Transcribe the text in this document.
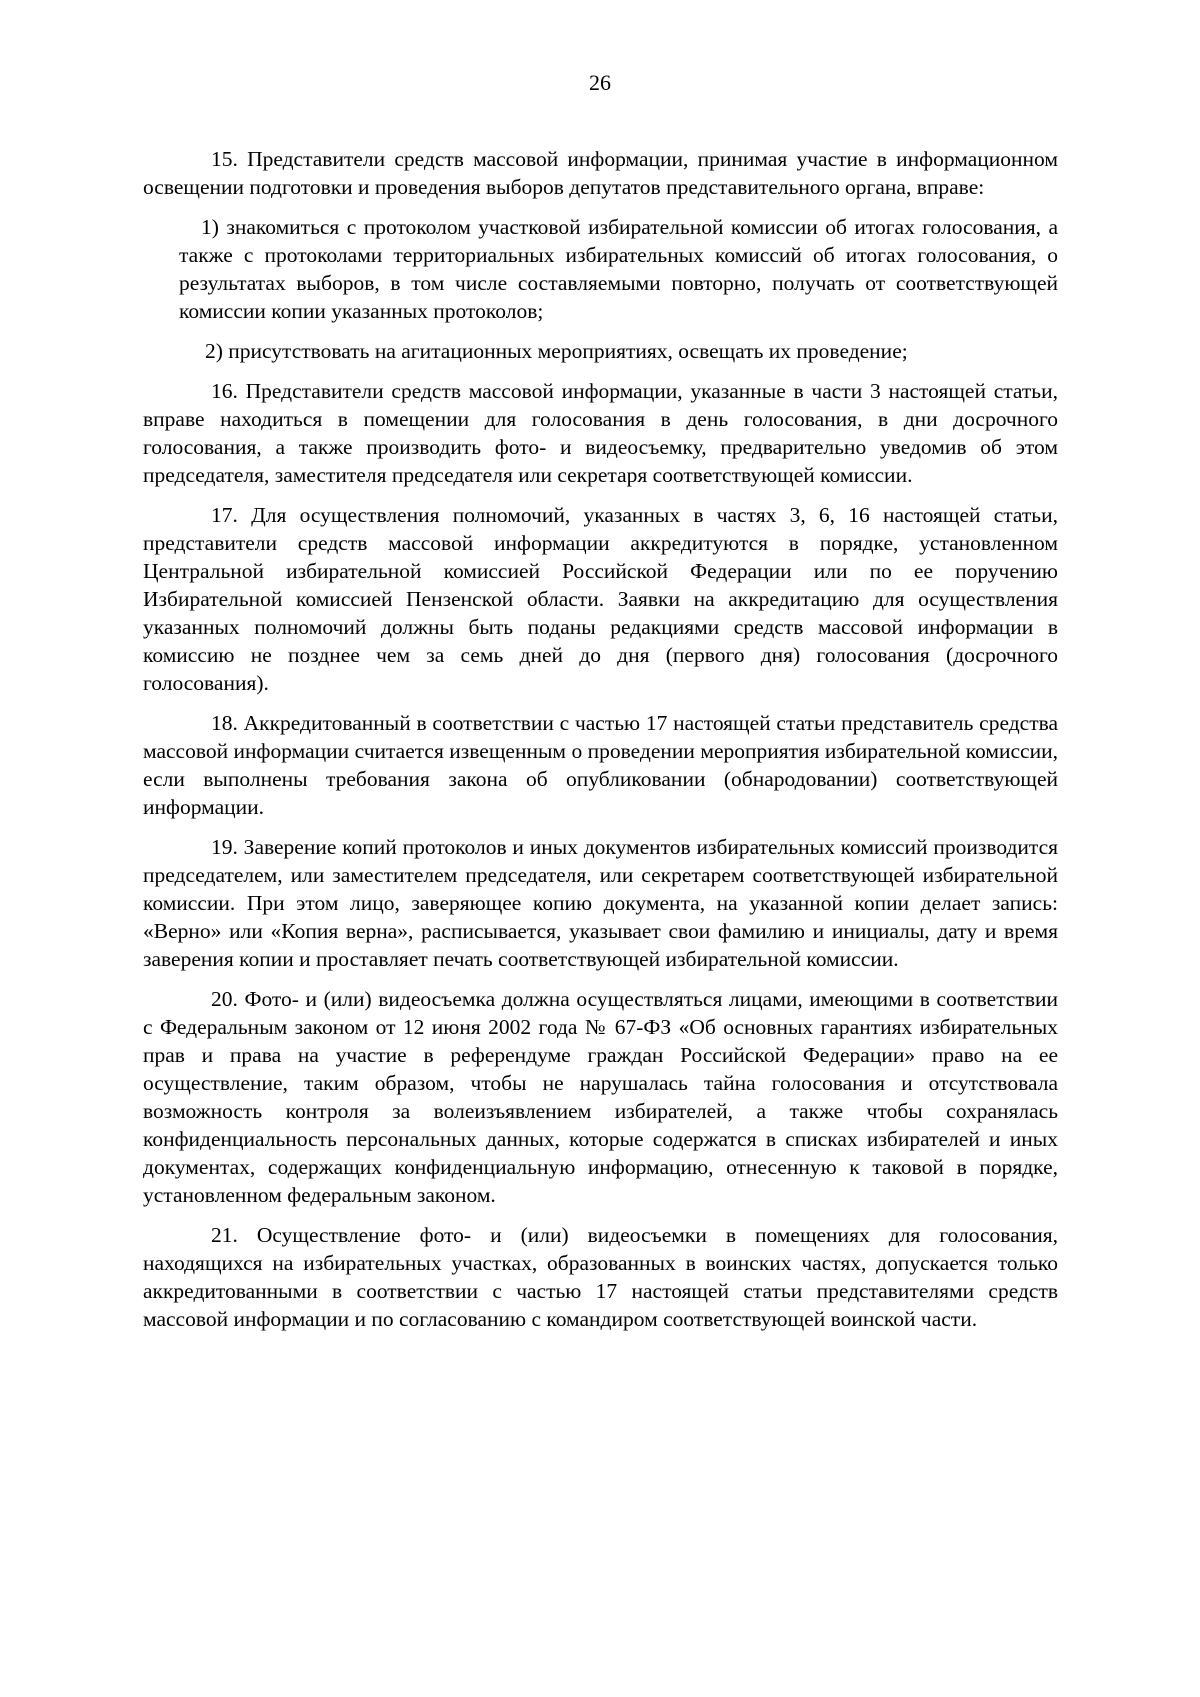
26

15. Представители средств массовой информации, принимая участие в информационном освещении подготовки и проведения выборов депутатов представительного органа, вправе:

1) знакомиться с протоколом участковой избирательной комиссии об итогах голосования, а также с протоколами территориальных избирательных комиссий об итогах голосования, о результатах выборов, в том числе составляемыми повторно, получать от соответствующей комиссии копии указанных протоколов;

2) присутствовать на агитационных мероприятиях, освещать их проведение;

16. Представители средств массовой информации, указанные в части 3 настоящей статьи, вправе находиться в помещении для голосования в день голосования, в дни досрочного голосования, а также производить фото- и видеосъемку, предварительно уведомив об этом председателя, заместителя председателя или секретаря соответствующей комиссии.

17. Для осуществления полномочий, указанных в частях 3, 6, 16 настоящей статьи, представители средств массовой информации аккредитуются в порядке, установленном Центральной избирательной комиссией Российской Федерации или по ее поручению Избирательной комиссией Пензенской области. Заявки на аккредитацию для осуществления указанных полномочий должны быть поданы редакциями средств массовой информации в комиссию не позднее чем за семь дней до дня (первого дня) голосования (досрочного голосования).

18. Аккредитованный в соответствии с частью 17 настоящей статьи представитель средства массовой информации считается извещенным о проведении мероприятия избирательной комиссии, если выполнены требования закона об опубликовании (обнародовании) соответствующей информации.

19. Заверение копий протоколов и иных документов избирательных комиссий производится председателем, или заместителем председателя, или секретарем соответствующей избирательной комиссии. При этом лицо, заверяющее копию документа, на указанной копии делает запись: «Верно» или «Копия верна», расписывается, указывает свои фамилию и инициалы, дату и время заверения копии и проставляет печать соответствующей избирательной комиссии.

20. Фото- и (или) видеосъемка должна осуществляться лицами, имеющими в соответствии с Федеральным законом от 12 июня 2002 года № 67-ФЗ «Об основных гарантиях избирательных прав и права на участие в референдуме граждан Российской Федерации» право на ее осуществление, таким образом, чтобы не нарушалась тайна голосования и отсутствовала возможность контроля за волеизъявлением избирателей, а также чтобы сохранялась конфиденциальность персональных данных, которые содержатся в списках избирателей и иных документах, содержащих конфиденциальную информацию, отнесенную к таковой в порядке, установленном федеральным законом.

21. Осуществление фото- и (или) видеосъемки в помещениях для голосования, находящихся на избирательных участках, образованных в воинских частях, допускается только аккредитованными в соответствии с частью 17 настоящей статьи представителями средств массовой информации и по согласованию с командиром соответствующей воинской части.
